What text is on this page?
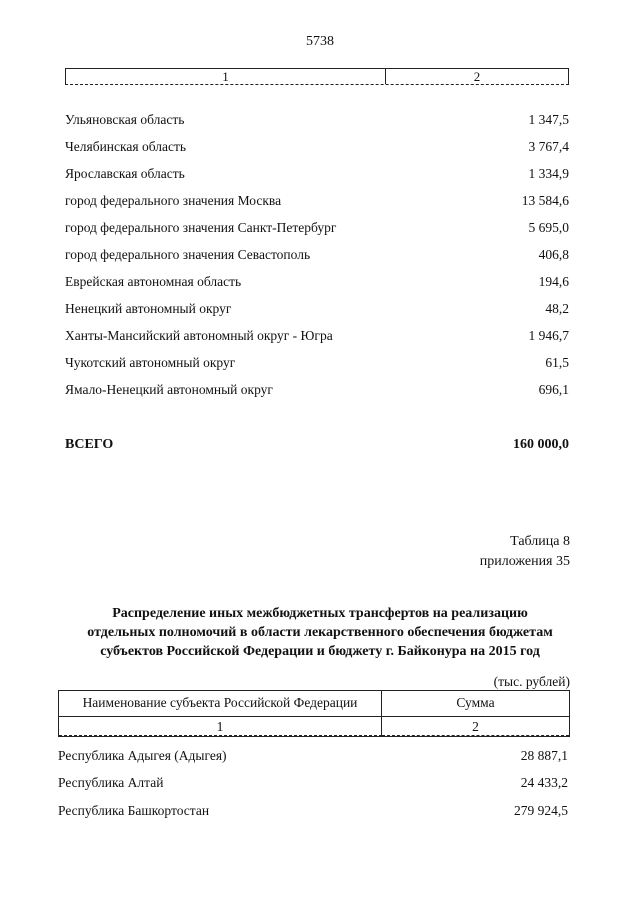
5738
1	2
Ульяновская область	1 347,5
Челябинская область	3 767,4
Ярославская область	1 334,9
город федерального значения Москва	13 584,6
город федерального значения Санкт-Петербург	5 695,0
город федерального значения Севастополь	406,8
Еврейская автономная область	194,6
Ненецкий автономный округ	48,2
Ханты-Мансийский автономный округ - Югра	1 946,7
Чукотский автономный округ	61,5
Ямало-Ненецкий автономный округ	696,1
ВСЕГО	160 000,0
Таблица 8
приложения 35
Распределение иных межбюджетных трансфертов на реализацию
отдельных полномочий в области лекарственного обеспечения бюджетам
субъектов Российской Федерации и бюджету г. Байконура на 2015 год
(тыс. рублей)
Наименование субъекта Российской Федерации	Сумма
1	2
Республика Адыгея (Адыгея)	28 887,1
Республика Алтай	24 433,2
Республика Башкортостан	279 924,5
